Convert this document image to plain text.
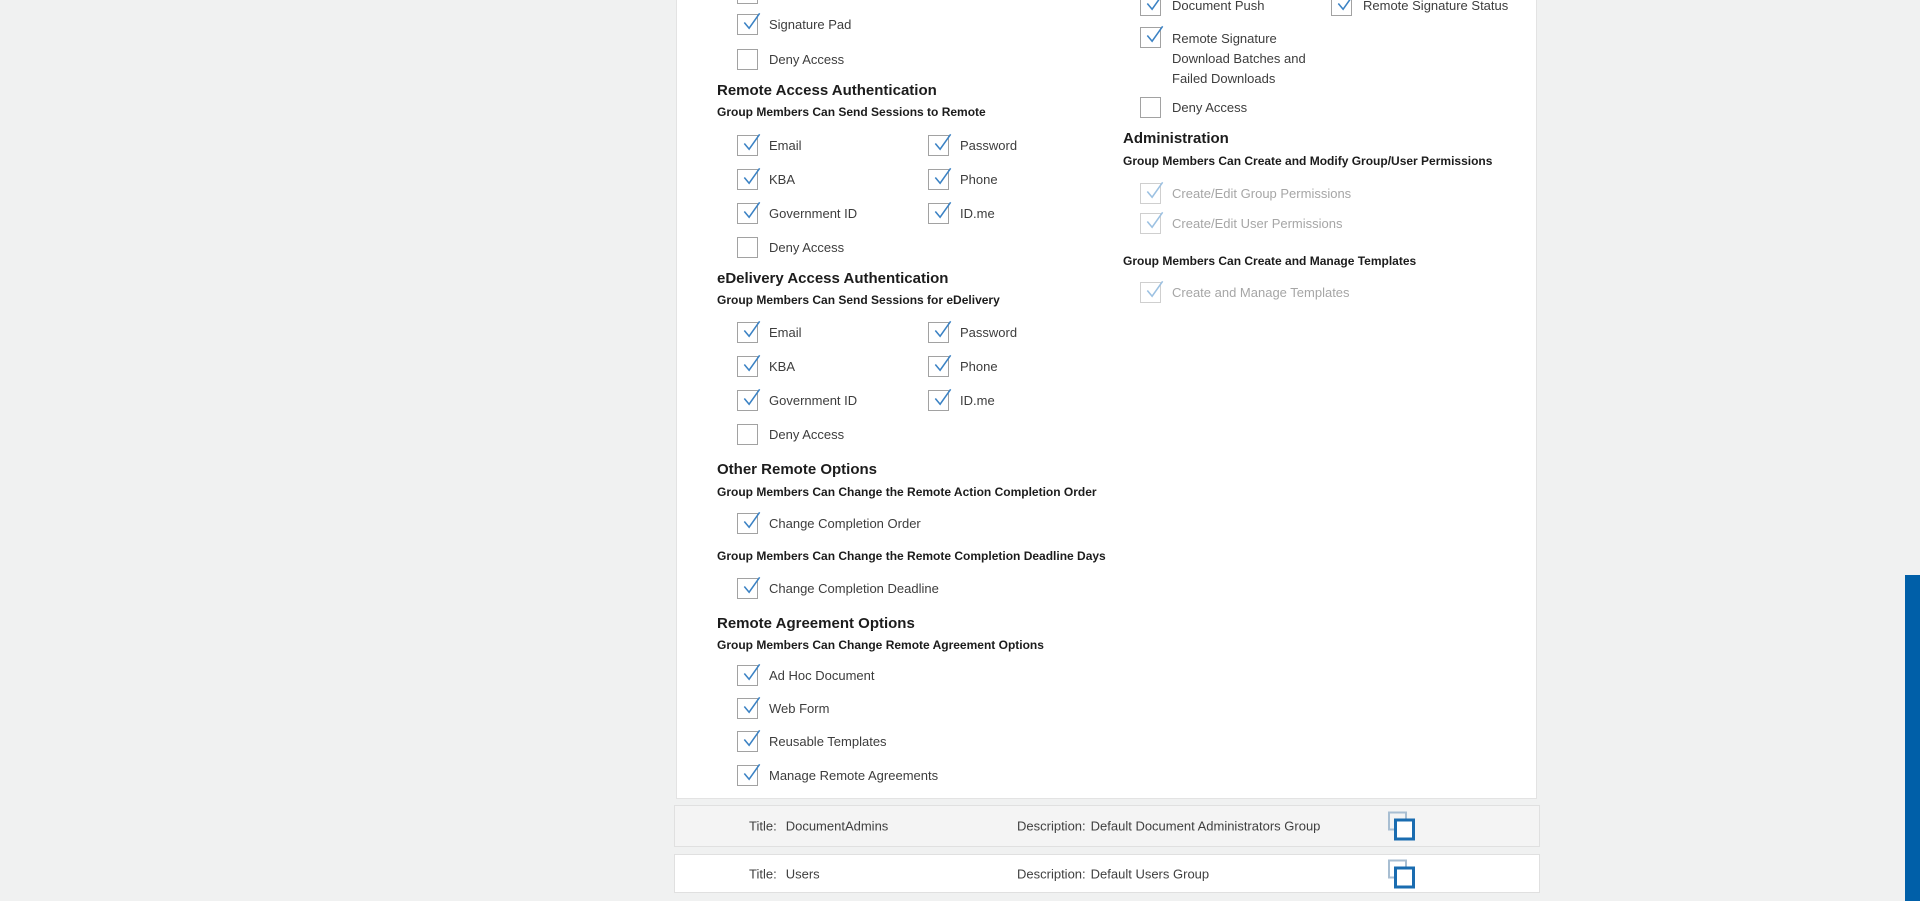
Signature Pad
Deny Access
Remote Access Authentication
Group Members Can Send Sessions to Remote
Email	Password
KBA	Phone
Government ID	ID.me
Deny Access
eDelivery Access Authentication
Group Members Can Send Sessions for eDelivery
Email	Password
KBA	Phone
Government ID	ID.me
Deny Access
Other Remote Options
Group Members Can Change the Remote Action Completion Order
Change Completion Order
Group Members Can Change the Remote Completion Deadline Days
Change Completion Deadline
Remote Agreement Options
Group Members Can Change Remote Agreement Options
Ad Hoc Document
Web Form
Reusable Templates
Manage Remote Agreements
Document Push	Remote Signature Status
Remote Signature Download Batches and Failed Downloads
Deny Access
Administration
Group Members Can Create and Modify Group/User Permissions
Create/Edit Group Permissions
Create/Edit User Permissions
Group Members Can Create and Manage Templates
Create and Manage Templates
Title: DocumentAdmins	Description: Default Document Administrators Group
Title: Users	Description: Default Users Group
